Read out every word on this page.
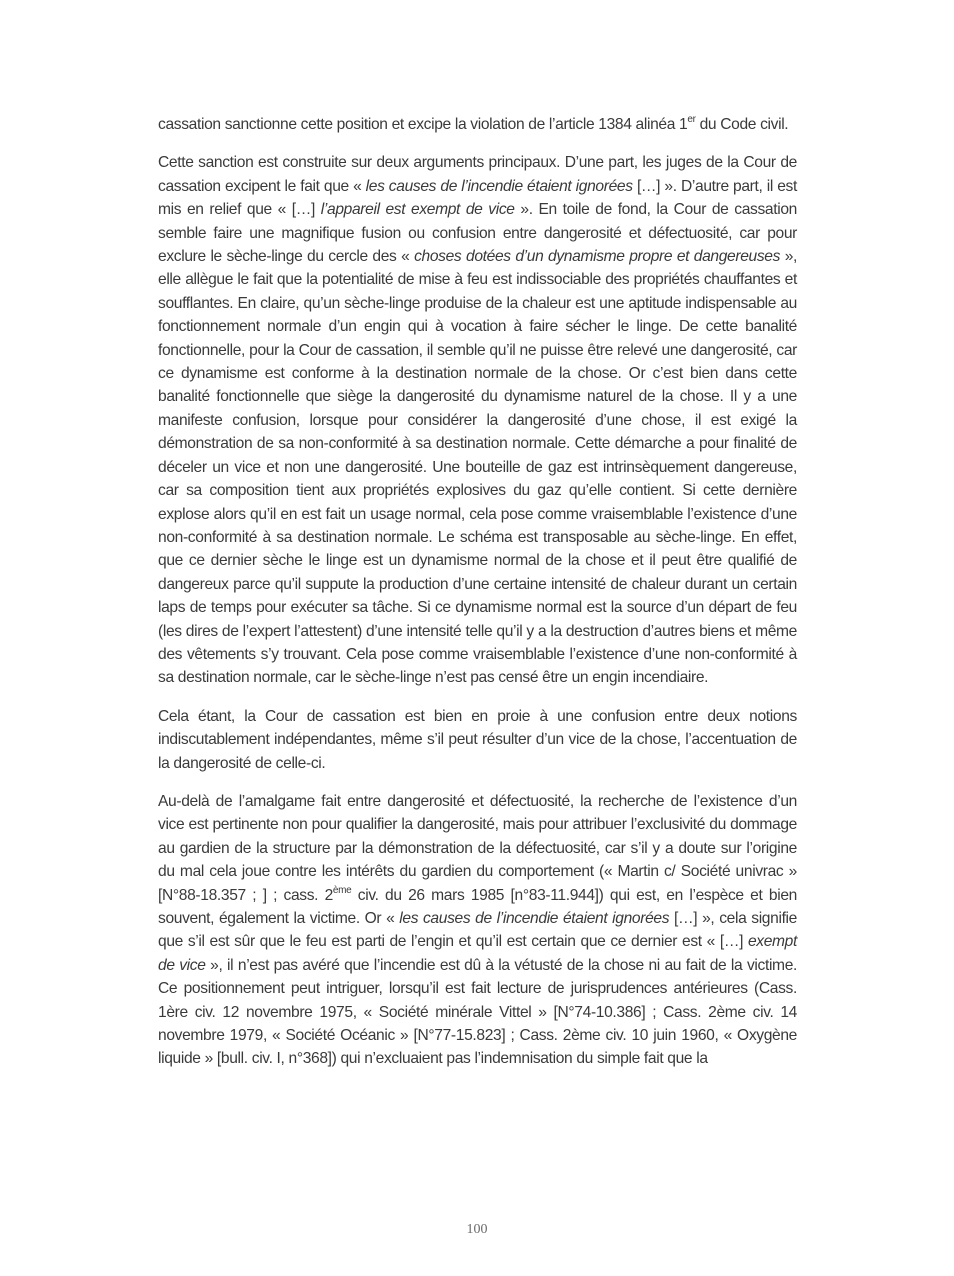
cassation sanctionne cette position et excipe la violation de l’article 1384 alinéa 1er du Code civil.

Cette sanction est construite sur deux arguments principaux. D’une part, les juges de la Cour de cassation excipent le fait que « les causes de l’incendie étaient ignorées […] ». D’autre part, il est mis en relief que « […] l’appareil est exempt de vice ». En toile de fond, la Cour de cassation semble faire une magnifique fusion ou confusion entre dangerosité et défectuosité, car pour exclure le sèche-linge du cercle des « choses dotées d’un dynamisme propre et dangereuses », elle allègue le fait que la potentialité de mise à feu est indissociable des propriétés chauffantes et soufflantes. En claire, qu’un sèche-linge produise de la chaleur est une aptitude indispensable au fonctionnement normale d’un engin qui à vocation à faire sécher le linge. De cette banalité fonctionnelle, pour la Cour de cassation, il semble qu’il ne puisse être relevé une dangerosité, car ce dynamisme est conforme à la destination normale de la chose. Or c’est bien dans cette banalité fonctionnelle que siège la dangerosité du dynamisme naturel de la chose. Il y a une manifeste confusion, lorsque pour considérer la dangerosité d’une chose, il est exigé la démonstration de sa non-conformité à sa destination normale. Cette démarche a pour finalité de déceler un vice et non une dangerosité. Une bouteille de gaz est intrinsèquement dangereuse, car sa composition tient aux propriétés explosives du gaz qu’elle contient. Si cette dernière explose alors qu’il en est fait un usage normal, cela pose comme vraisemblable l’existence d’une non-conformité à sa destination normale. Le schéma est transposable au sèche-linge. En effet, que ce dernier sèche le linge est un dynamisme normal de la chose et il peut être qualifié de dangereux parce qu’il suppute la production d’une certaine intensité de chaleur durant un certain laps de temps pour exécuter sa tâche. Si ce dynamisme normal est la source d’un départ de feu (les dires de l’expert l’attestent) d’une intensité telle qu’il y a la destruction d’autres biens et même des vêtements s’y trouvant. Cela pose comme vraisemblable l’existence d’une non-conformité à sa destination normale, car le sèche-linge n’est pas censé être un engin incendiaire.

Cela étant, la Cour de cassation est bien en proie à une confusion entre deux notions indiscutablement indépendantes, même s’il peut résulter d’un vice de la chose, l’accentuation de la dangerosité de celle-ci.

Au-delà de l’amalgame fait entre dangerosité et défectuosité, la recherche de l’existence d’un vice est pertinente non pour qualifier la dangerosité, mais pour attribuer l’exclusivité du dommage au gardien de la structure par la démonstration de la défectuosité, car s’il y a doute sur l’origine du mal cela joue contre les intérêts du gardien du comportement (« Martin c/ Société univrac » [N°88-18.357 ; ] ; cass. 2ème civ. du 26 mars 1985 [n°83-11.944]) qui est, en l’espèce et bien souvent, également la victime. Or « les causes de l’incendie étaient ignorées […] », cela signifie que s’il est sûr que le feu est parti de l’engin et qu’il est certain que ce dernier est « […] exempt de vice », il n’est pas avéré que l’incendie est dû à la vétusté de la chose ni au fait de la victime. Ce positionnement peut intriguer, lorsqu’il est fait lecture de jurisprudences antérieures (Cass. 1ère civ. 12 novembre 1975, « Société minérale Vittel » [N°74-10.386] ; Cass. 2ème civ. 14 novembre 1979, « Société Océanic » [N°77-15.823] ; Cass. 2ème civ. 10 juin 1960, « Oxygène liquide » [bull. civ. I, n°368]) qui n’excluaient pas l’indemnisation du simple fait que la

100
